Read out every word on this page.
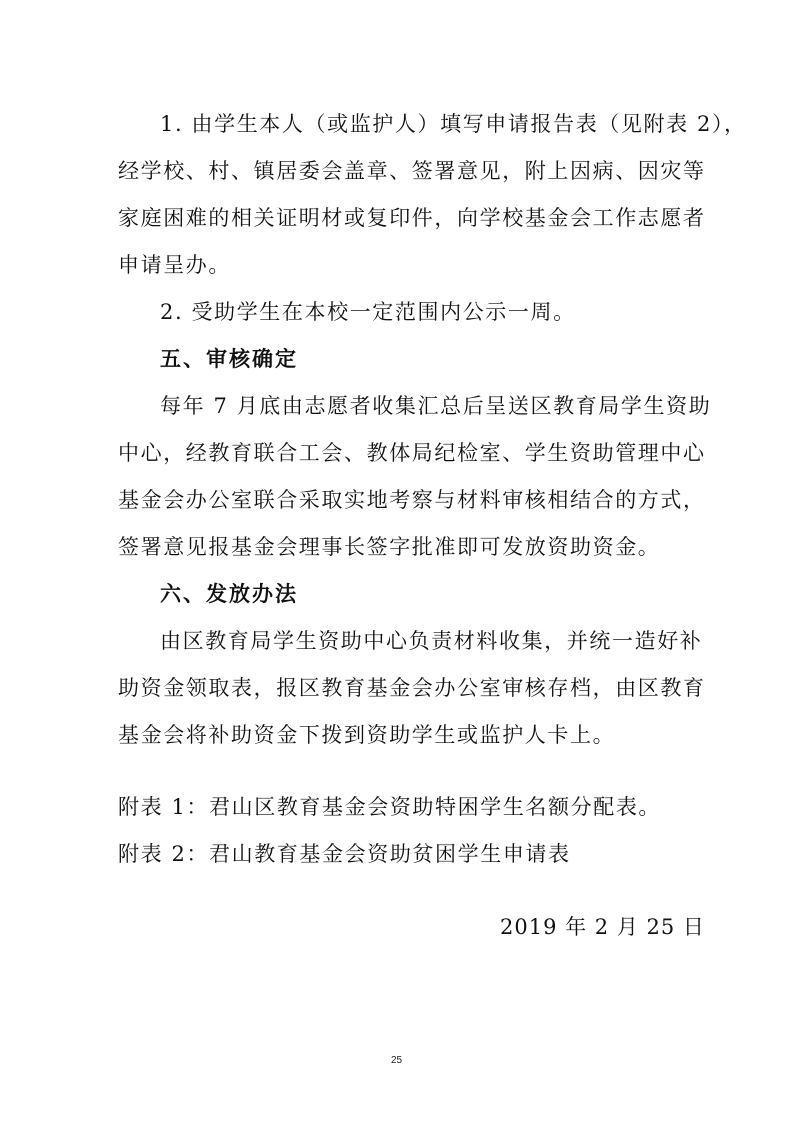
1. 由学生本人（或监护人）填写申请报告表（见附表 2），
经学校、村、镇居委会盖章、签署意见，附上因病、因灾等
家庭困难的相关证明材或复印件，向学校基金会工作志愿者
申请呈办。
2. 受助学生在本校一定范围内公示一周。
五、审核确定
每年 7 月底由志愿者收集汇总后呈送区教育局学生资助
中心，经教育联合工会、教体局纪检室、学生资助管理中心
基金会办公室联合采取实地考察与材料审核相结合的方式，
签署意见报基金会理事长签字批准即可发放资助资金。
六、发放办法
由区教育局学生资助中心负责材料收集，并统一造好补
助资金领取表，报区教育基金会办公室审核存档，由区教育
基金会将补助资金下拨到资助学生或监护人卡上。
附表 1：君山区教育基金会资助特困学生名额分配表。
附表 2：君山教育基金会资助贫困学生申请表
2019 年 2 月 25 日
25
